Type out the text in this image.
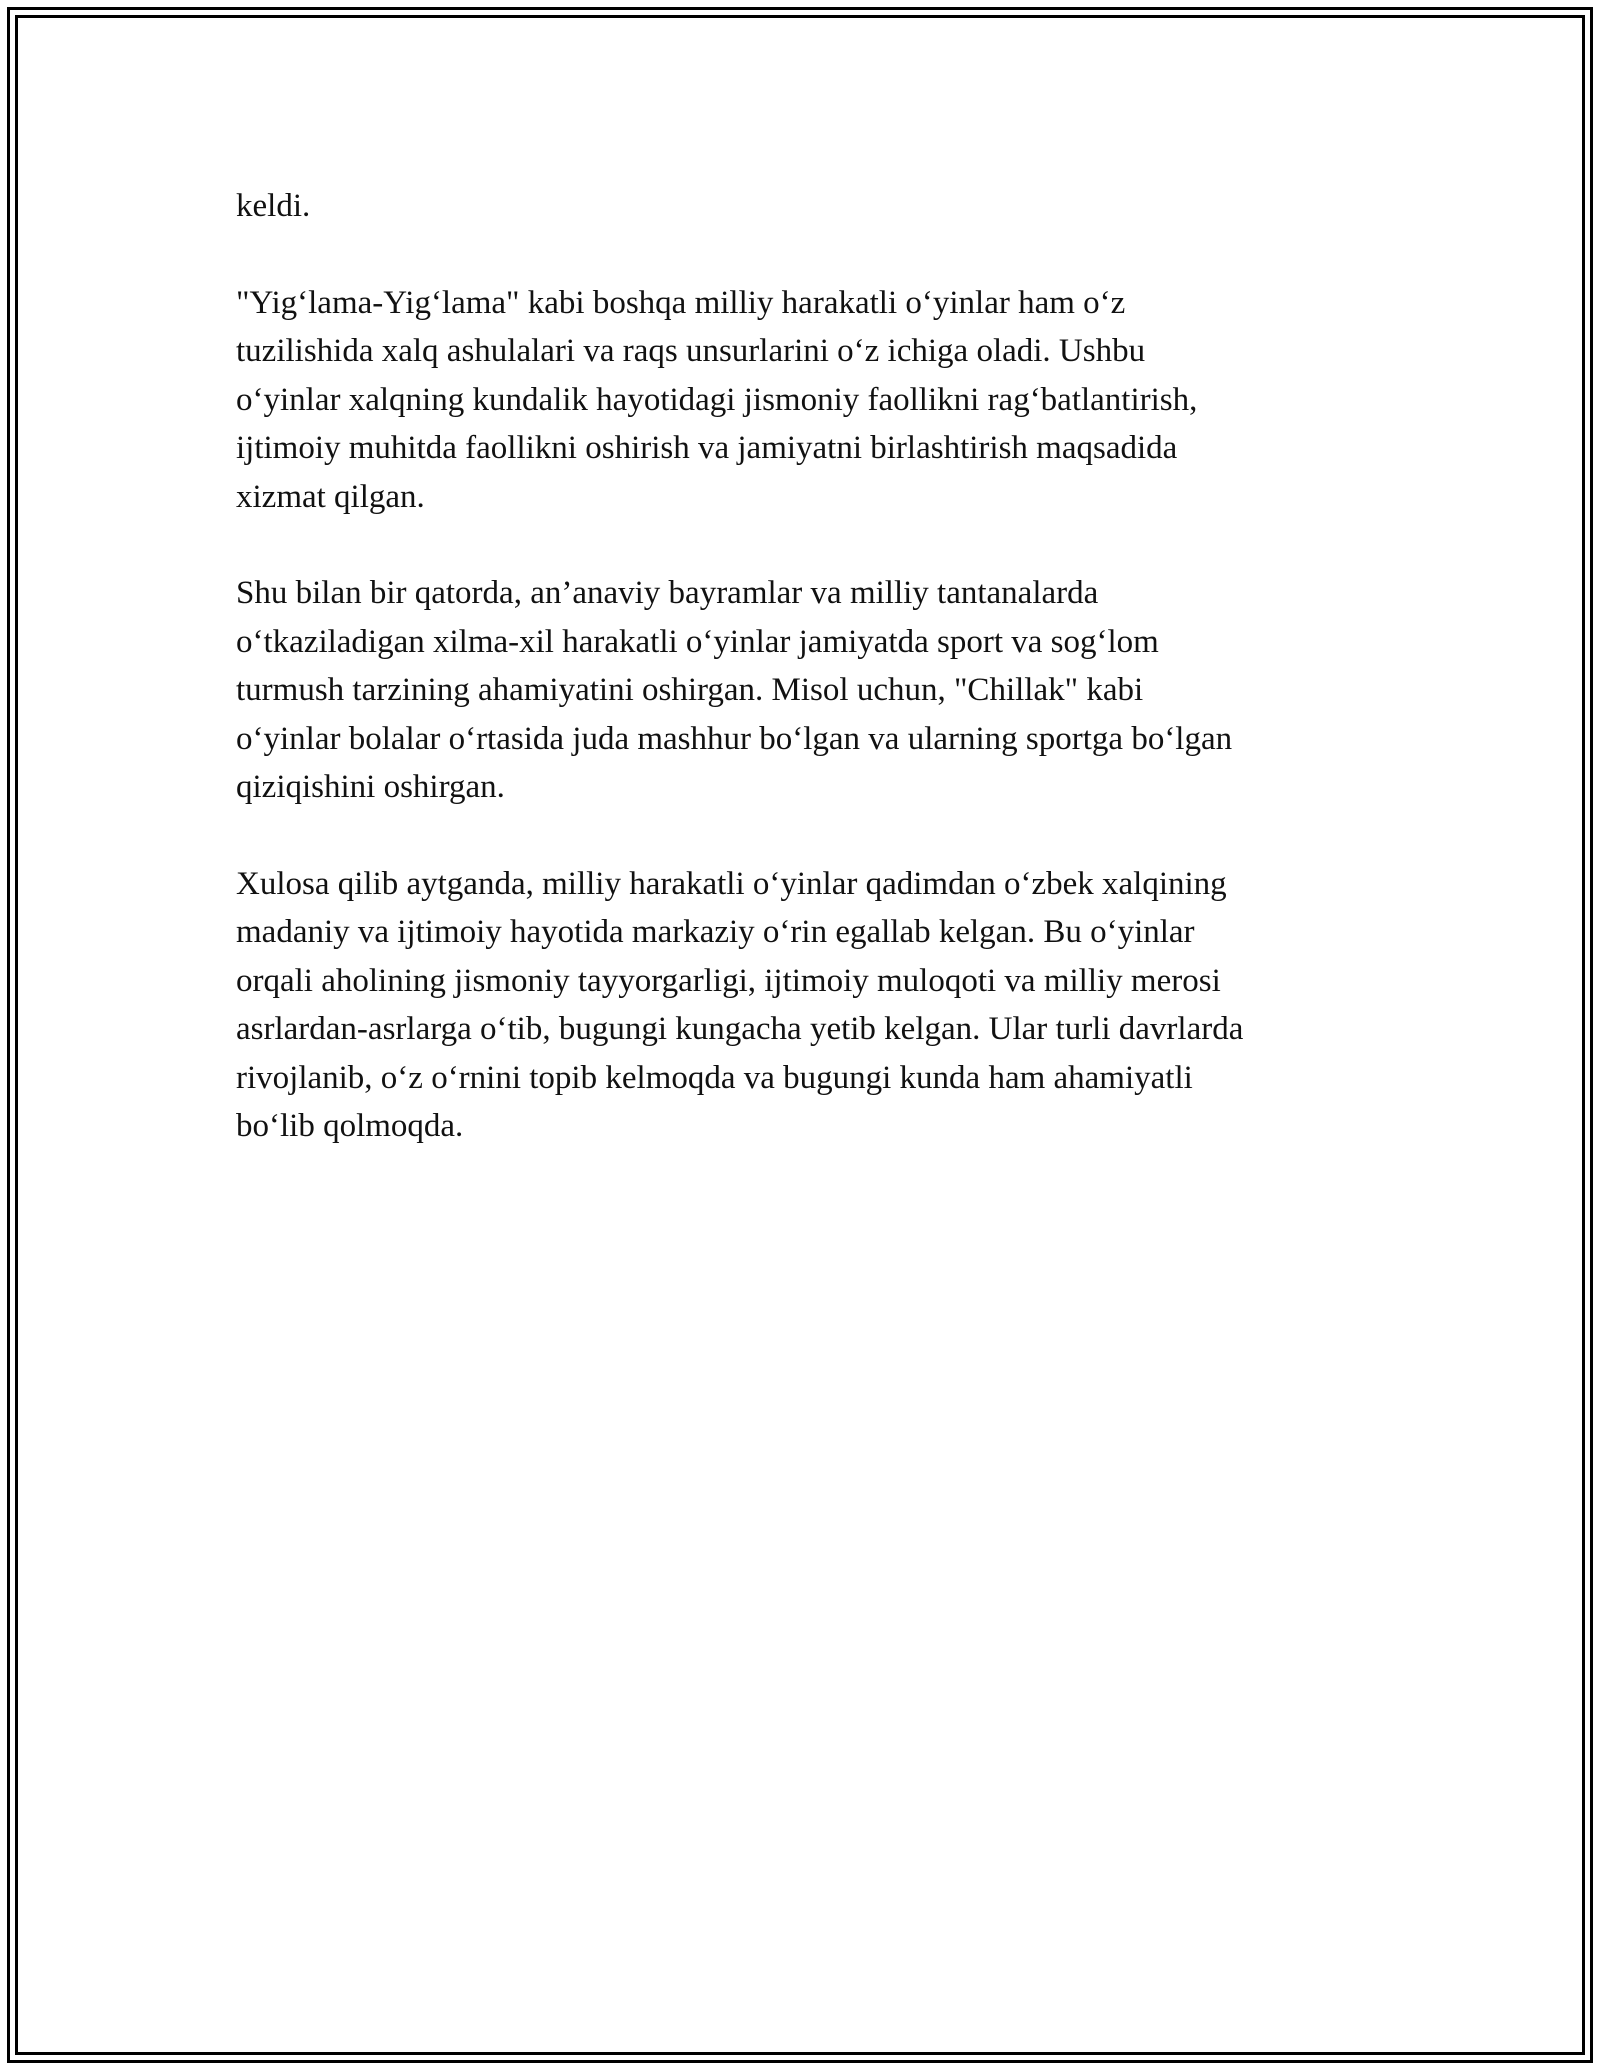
keldi.

"Yig‘lama-Yig‘lama" kabi boshqa milliy harakatli o‘yinlar ham o‘z
tuzilishida xalq ashulalari va raqs unsurlarini o‘z ichiga oladi. Ushbu
o‘yinlar xalqning kundalik hayotidagi jismoniy faollikni rag‘batlantirish,
ijtimoiy muhitda faollikni oshirish va jamiyatni birlashtirish maqsadida
xizmat qilgan.

Shu bilan bir qatorda, an’anaviy bayramlar va milliy tantanalarda
o‘tkaziladigan xilma-xil harakatli o‘yinlar jamiyatda sport va sog‘lom
turmush tarzining ahamiyatini oshirgan. Misol uchun, "Chillak" kabi
o‘yinlar bolalar o‘rtasida juda mashhur bo‘lgan va ularning sportga bo‘lgan
qiziqishini oshirgan.

Xulosa qilib aytganda, milliy harakatli o‘yinlar qadimdan o‘zbek xalqining
madaniy va ijtimoiy hayotida markaziy o‘rin egallab kelgan. Bu o‘yinlar
orqali aholining jismoniy tayyorgarligi, ijtimoiy muloqoti va milliy merosi
asrlardan-asrlarga o‘tib, bugungi kungacha yetib kelgan. Ular turli davrlarda
rivojlanib, o‘z o‘rnini topib kelmoqda va bugungi kunda ham ahamiyatli
bo‘lib qolmoqda.
